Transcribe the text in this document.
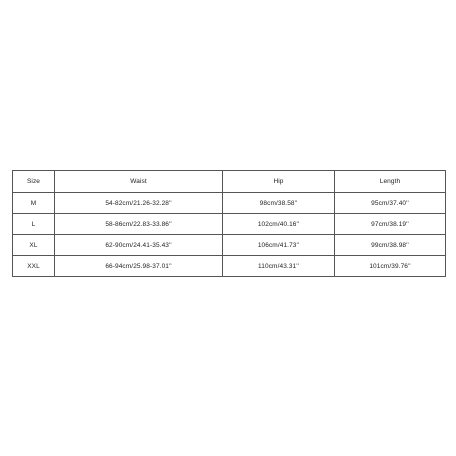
Size	Waist	Hip	Length
M	54-82cm/21.26-32.28''	98cm/38.58''	95cm/37.40''
L	58-86cm/22.83-33.86''	102cm/40.16''	97cm/38.19''
XL	62-90cm/24.41-35.43''	106cm/41.73''	99cm/38.98''
XXL	66-94cm/25.98-37.01''	110cm/43.31''	101cm/39.76''
